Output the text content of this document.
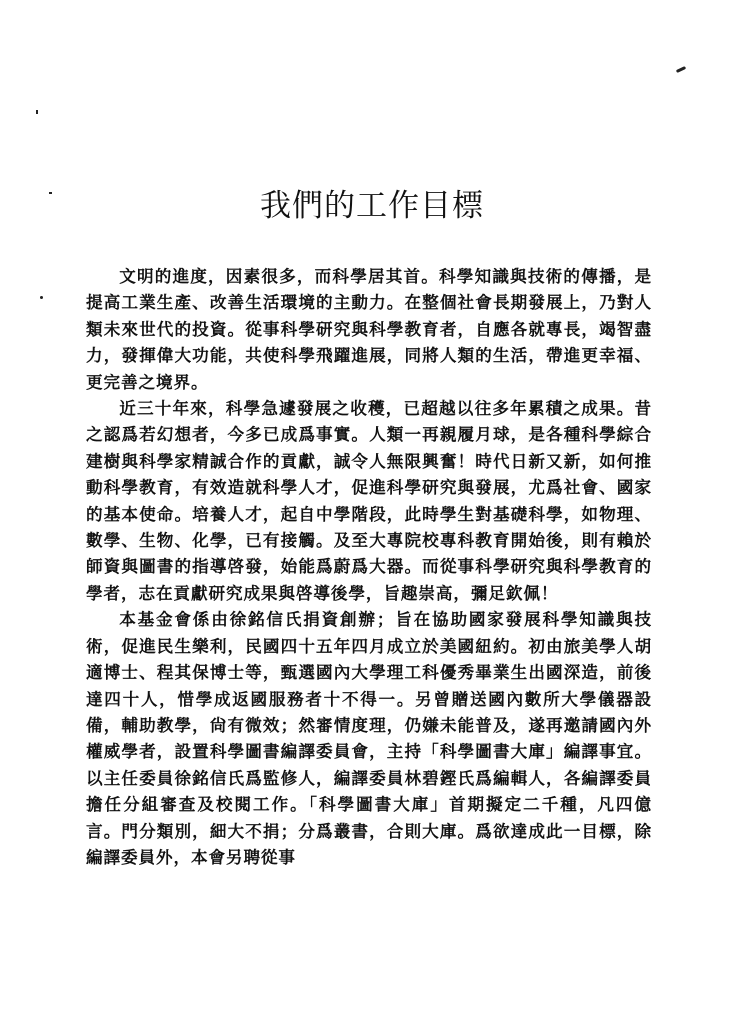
我們的工作目標

文明的進度，因素很多，而科學居其首。科學知識與技術的傳播，是提高工業生產、改善生活環境的主動力。在整個社會長期發展上，乃對人類未來世代的投資。從事科學研究與科學教育者，自應各就專長，竭智盡力，發揮偉大功能，共使科學飛躍進展，同將人類的生活，帶進更幸福、更完善之境界。

近三十年來，科學急遽發展之收穫，已超越以往多年累積之成果。昔之認爲若幻想者，今多已成爲事實。人類一再親履月球，是各種科學綜合建樹與科學家精誠合作的貢獻，誠令人無限興奮！時代日新又新，如何推動科學教育，有效造就科學人才，促進科學研究與發展，尤爲社會、國家的基本使命。培養人才，起自中學階段，此時學生對基礎科學，如物理、數學、生物、化學，已有接觸。及至大專院校專科教育開始後，則有賴於師資與圖書的指導啓發，始能爲蔚爲大器。而從事科學研究與科學教育的學者，志在貢獻研究成果與啓導後學，旨趣崇高，彌足欽佩！

本基金會係由徐銘信氏捐資創辦；旨在協助國家發展科學知識與技術，促進民生樂利，民國四十五年四月成立於美國紐約。初由旅美學人胡適博士、程其保博士等，甄選國內大學理工科優秀畢業生出國深造，前後達四十人，惜學成返國服務者十不得一。另曾贈送國內數所大學儀器設備，輔助教學，尙有微效；然審情度理，仍嫌未能普及，遂再邀請國內外權威學者，設置科學圖書編譯委員會，主持「科學圖書大庫」編譯事宜。以主任委員徐銘信氏爲監修人，編譯委員林碧鏗氏爲編輯人，各編譯委員擔任分組審查及校閱工作。「科學圖書大庫」首期擬定二千種，凡四億言。門分類別，細大不捐；分爲叢書，合則大庫。爲欲達成此一目標，除編譯委員外，本會另聘從事
